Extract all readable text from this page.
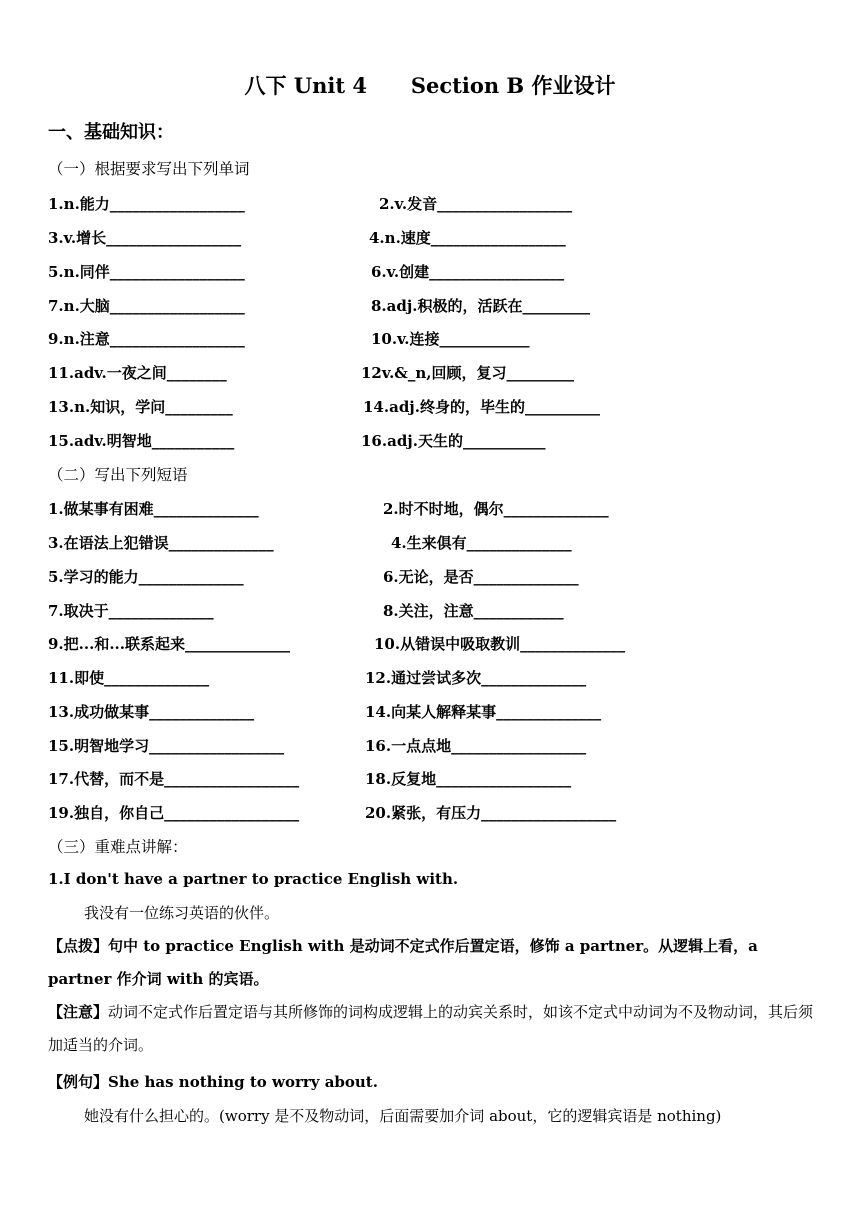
八下 Unit 4      Section B 作业设计
一、基础知识：
（一）根据要求写出下列单词
1.n.能力__________________	2.v.发音__________________
3.v.增长__________________	4.n.速度__________________
5.n.同伴__________________	6.v.创建__________________
7.n.大脑__________________	8.adj.积极的，活跃在_________
9.n.注意__________________	10.v.连接____________
11.adv.一夜之间________	12v.&_n,回顾，复习_________
13.n.知识，学问_________	14.adj.终身的，毕生的__________
15.adv.明智地___________	16.adj.天生的___________
（二）写出下列短语
1.做某事有困难______________	2.时不时地，偶尔______________
3.在语法上犯错误______________	4.生来俱有______________
5.学习的能力______________	6.无论，是否______________
7.取决于______________	8.关注，注意____________
9.把...和...联系起来______________	10.从错误中吸取教训______________
11.即使______________	12.通过尝试多次______________
13.成功做某事______________	14.向某人解释某事______________
15.明智地学习__________________	16.一点点地__________________
17.代替，而不是__________________	18.反复地__________________
19.独自，你自己__________________	20.紧张，有压力__________________
（三）重难点讲解：
1.I don't have a partner to practice English with.
我没有一位练习英语的伙伴。
【点拨】句中 to practice English with 是动词不定式作后置定语，修饰 a partner。从逻辑上看，a partner 作介词 with 的宾语。
【注意】动词不定式作后置定语与其所修饰的词构成逻辑上的动宾关系时，如该不定式中动词为不及物动词，其后须加适当的介词。
【例句】She has nothing to worry about.
她没有什么担心的。(worry 是不及物动词，后面需要加介词 about，它的逻辑宾语是 nothing)
